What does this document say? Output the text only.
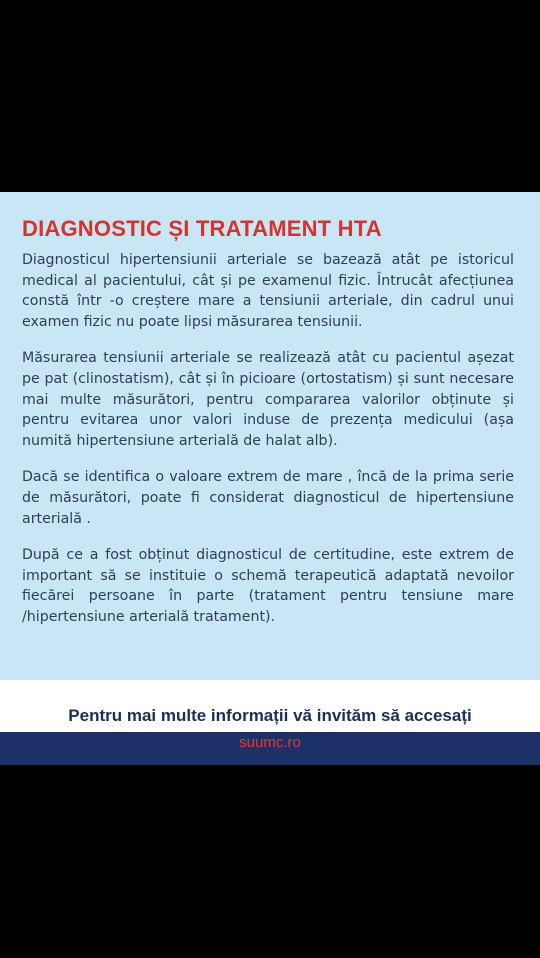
DIAGNOSTIC ȘI TRATAMENT HTA

Diagnosticul hipertensiunii arteriale se bazează atât pe istoricul medical al pacientului, cât și pe examenul fizic. Întrucât afecțiunea constă într -o creștere mare a tensiunii arteriale, din cadrul unui examen fizic nu poate lipsi măsurarea tensiunii.

Măsurarea tensiunii arteriale se realizează atât cu pacientul așezat pe pat (clinostatism), cât și în picioare (ortostatism) și sunt necesare mai multe măsurători, pentru compararea valorilor obținute și pentru evitarea unor valori induse de prezența medicului (așa numită hipertensiune arterială de halat alb).

Dacă se identifica o valoare extrem de mare , încă de la prima serie de măsurători, poate fi considerat diagnosticul de hipertensiune arterială .

După ce a fost obținut diagnosticul de certitudine, este extrem de important să se instituie o schemă terapeutică adaptată nevoilor fiecărei persoane în parte (tratament pentru tensiune mare /hipertensiune arterială tratament).

Pentru mai multe informații vă invităm să accesați
suumc.ro
